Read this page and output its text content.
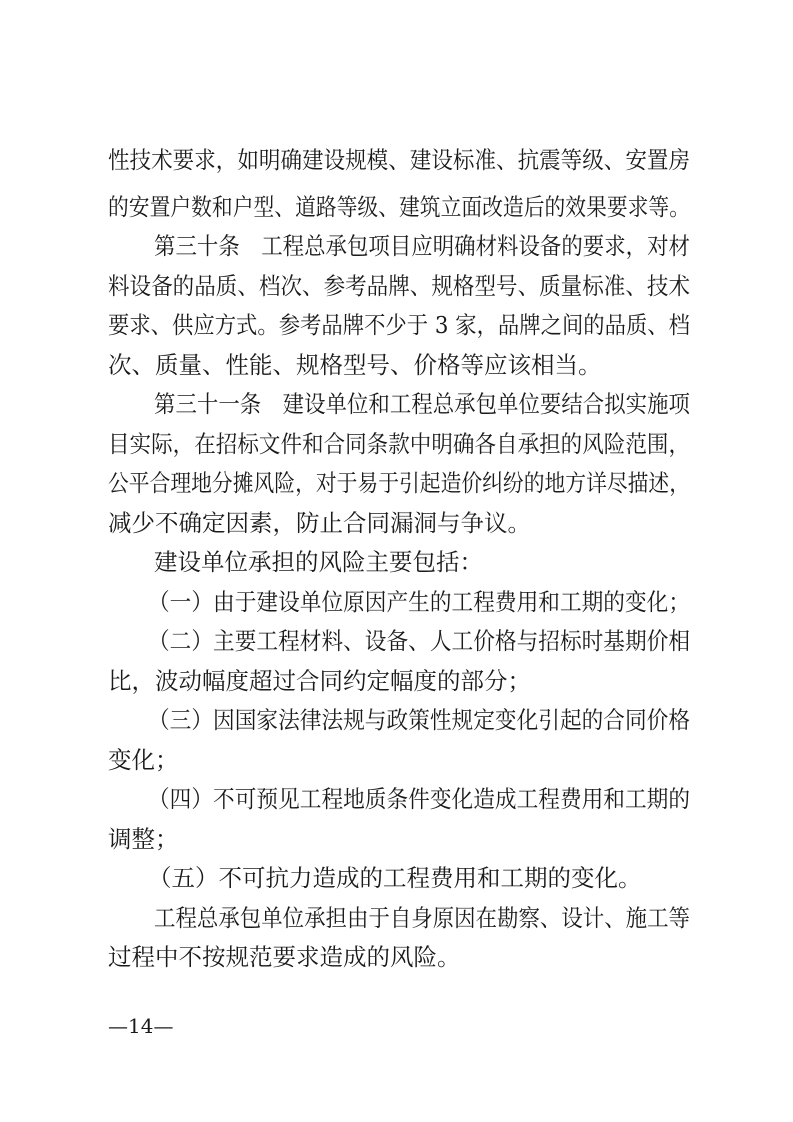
性技术要求，如明确建设规模、建设标准、抗震等级、安置房
的安置户数和户型、道路等级、建筑立面改造后的效果要求等。
第三十条　工程总承包项目应明确材料设备的要求，对材
料设备的品质、档次、参考品牌、规格型号、质量标准、技术
要求、供应方式。参考品牌不少于 3 家，品牌之间的品质、档
次、质量、性能、规格型号、价格等应该相当。
第三十一条　建设单位和工程总承包单位要结合拟实施项
目实际，在招标文件和合同条款中明确各自承担的风险范围，
公平合理地分摊风险，对于易于引起造价纠纷的地方详尽描述，
减少不确定因素，防止合同漏洞与争议。
建设单位承担的风险主要包括：
（一）由于建设单位原因产生的工程费用和工期的变化；
（二）主要工程材料、设备、人工价格与招标时基期价相
比，波动幅度超过合同约定幅度的部分；
（三）因国家法律法规与政策性规定变化引起的合同价格
变化；
（四）不可预见工程地质条件变化造成工程费用和工期的
调整；
（五）不可抗力造成的工程费用和工期的变化。
工程总承包单位承担由于自身原因在勘察、设计、施工等
过程中不按规范要求造成的风险。
—14—
